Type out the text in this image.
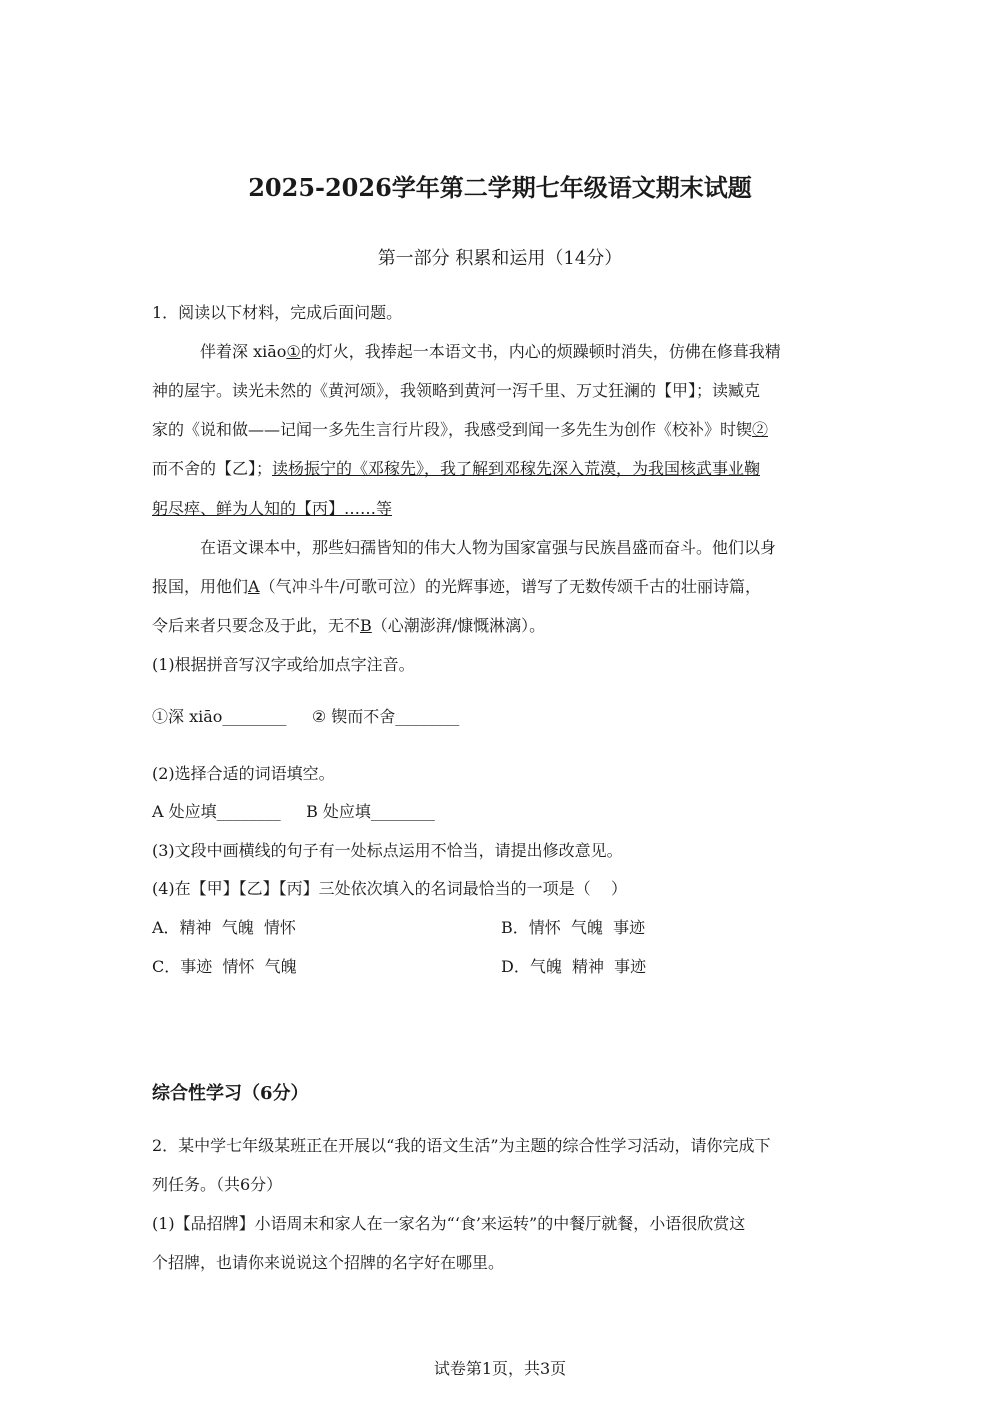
2025-2026学年第二学期七年级语文期末试题
第一部分 积累和运用（14分）
1．阅读以下材料，完成后面问题。
伴着深 xiāo①的灯火，我捧起一本语文书，内心的烦躁顿时消失，仿佛在修葺我精
神的屋宇。读光未然的《黄河颂》，我领略到黄河一泻千里、万丈狂澜的【甲】；读臧克
家的《说和做——记闻一多先生言行片段》，我感受到闻一多先生为创作《校补》时锲②
而不舍的【乙】；读杨振宁的《邓稼先》，我了解到邓稼先深入荒漠，为我国核武事业鞠
躬尽瘁、鲜为人知的【丙】……等
在语文课本中，那些妇孺皆知的伟大人物为国家富强与民族昌盛而奋斗。他们以身
报国，用他们A（气冲斗牛/可歌可泣）的光辉事迹，谱写了无数传颂千古的壮丽诗篇，
令后来者只要念及于此，无不B（心潮澎湃/慷慨淋漓）。
(1)根据拼音写汉字或给加点字注音。
①深 xiāo________     ② 锲而不舍________
(2)选择合适的词语填空。
A 处应填________     B 处应填________
(3)文段中画横线的句子有一处标点运用不恰当，请提出修改意见。
(4)在【甲】【乙】【丙】三处依次填入的名词最恰当的一项是（    ）
A．精神  气魄  情怀	B．情怀  气魄  事迹
C．事迹  情怀  气魄	D．气魄  精神  事迹
综合性学习（6分）
2．某中学七年级某班正在开展以“我的语文生活”为主题的综合性学习活动，请你完成下
列任务。（共6分）
(1)【品招牌】小语周末和家人在一家名为“‘食’来运转”的中餐厅就餐，小语很欣赏这
个招牌，也请你来说说这个招牌的名字好在哪里。
试卷第1页，共3页
